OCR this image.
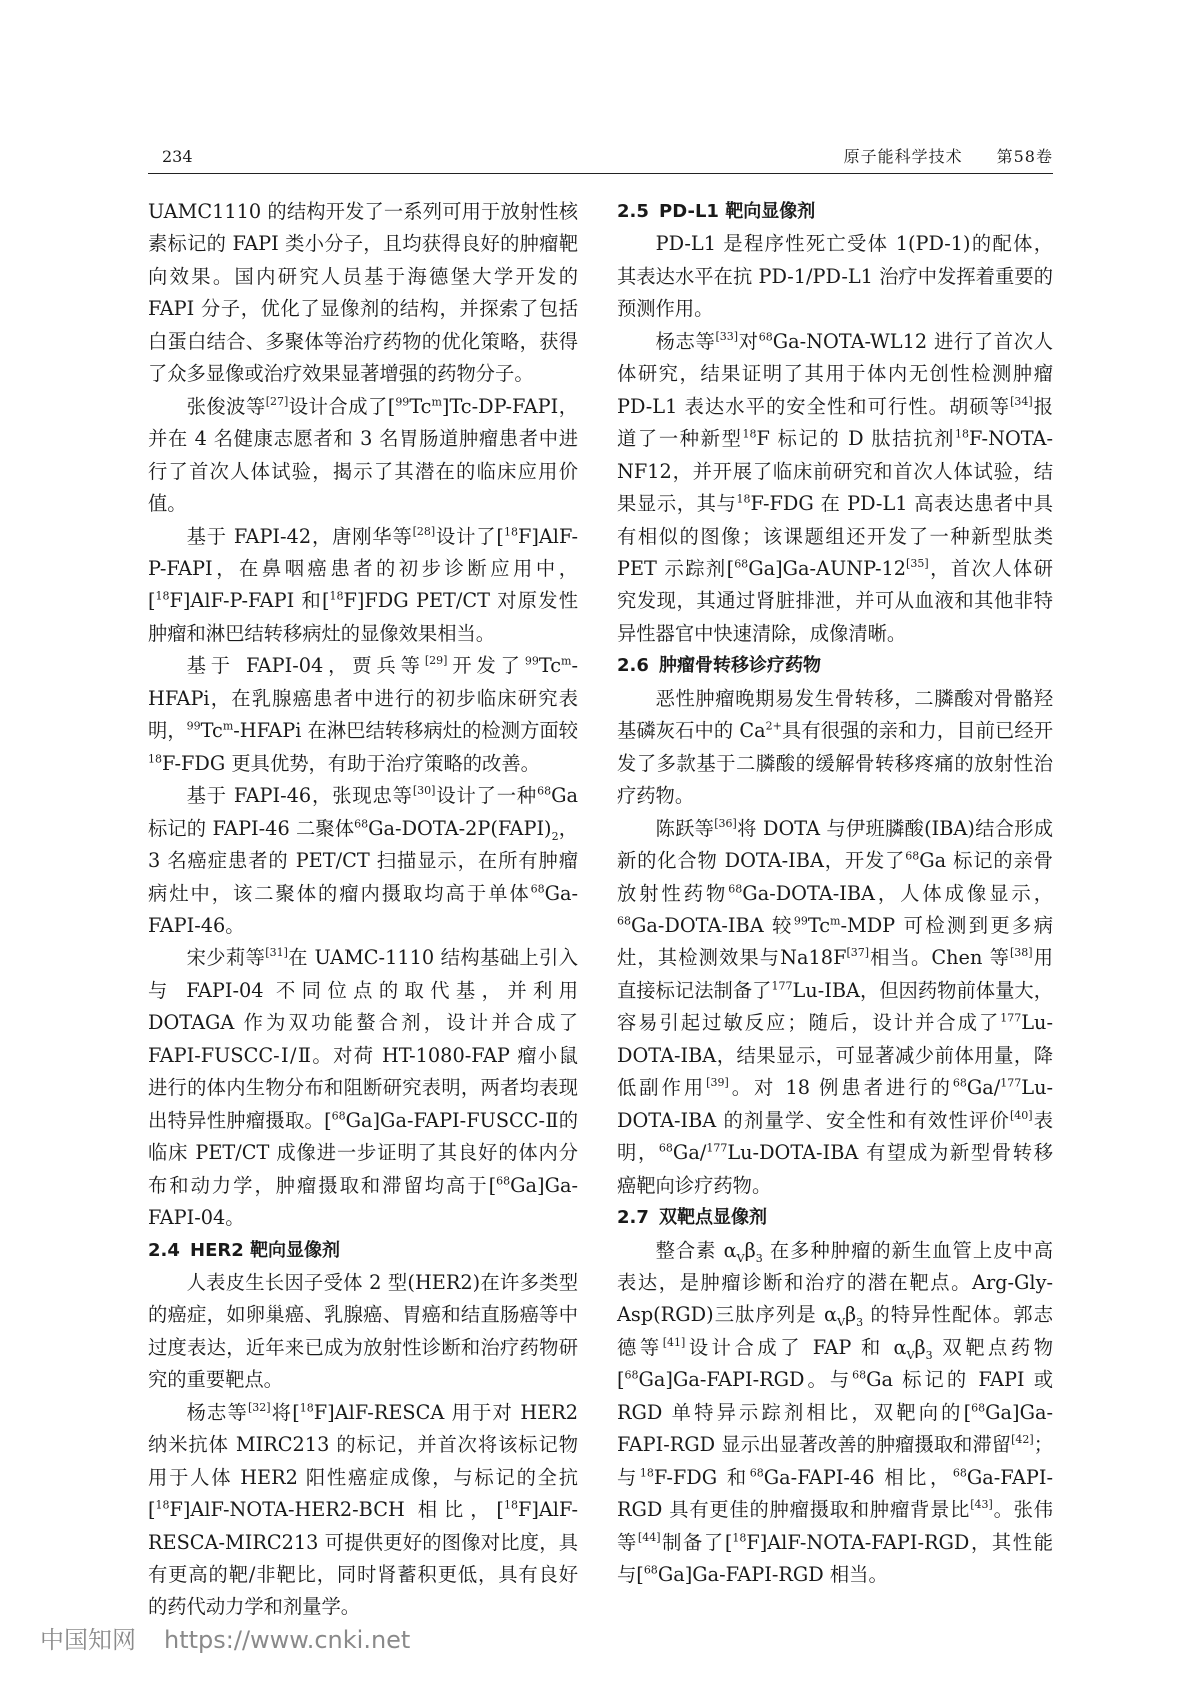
234	原子能科学技术 第58卷

UAMC1110 的结构开发了一系列可用于放射性核素标记的 FAPI 类小分子，且均获得良好的肿瘤靶向效果。国内研究人员基于海德堡大学开发的 FAPI 分子，优化了显像剂的结构，并探索了包括白蛋白结合、多聚体等治疗药物的优化策略，获得了众多显像或治疗效果显著增强的药物分子。

张俊波等[27]设计合成了[$^{99}$Tc$^m$]Tc-DP-FAPI，并在 4 名健康志愿者和 3 名胃肠道肿瘤患者中进行了首次人体试验，揭示了其潜在的临床应用价值。

基于 FAPI-42，唐刚华等[28]设计了[$^{18}$F]AlF-P-FAPI，在鼻咽癌患者的初步诊断应用中，[$^{18}$F]AlF-P-FAPI 和[$^{18}$F]FDG PET/CT 对原发性肿瘤和淋巴结转移病灶的显像效果相当。

基于 FAPI-04，贾兵等[29]开发了$^{99}$Tc$^m$-HFAPi，在乳腺癌患者中进行的初步临床研究表明，$^{99}$Tc$^m$-HFAPi 在淋巴结转移病灶的检测方面较$^{18}$F-FDG 更具优势，有助于治疗策略的改善。

基于 FAPI-46，张现忠等[30]设计了一种$^{68}$Ga 标记的 FAPI-46 二聚体$^{68}Ga-DOTA-2P(FAPI)_2$，3 名癌症患者的 PET/CT 扫描显示，在所有肿瘤病灶中，该二聚体的瘤内摄取均高于单体$^{68}$Ga-FAPI-46。

宋少莉等[31]在 UAMC-1110 结构基础上引入与 FAPI-04 不同位点的取代基，并利用 DOTAGA 作为双功能螯合剂，设计并合成了 FAPI-FUSCC-Ⅰ/Ⅱ。对荷 HT-1080-FAP 瘤小鼠进行的体内生物分布和阻断研究表明，两者均表现出特异性肿瘤摄取。[$^{68}$Ga]Ga-FAPI-FUSCC-Ⅱ的临床 PET/CT 成像进一步证明了其良好的体内分布和动力学，肿瘤摄取和滞留均高于[$^{68}$Ga]Ga-FAPI-04。

2.4 HER2 靶向显像剂

人表皮生长因子受体 2 型(HER2)在许多类型的癌症，如卵巢癌、乳腺癌、胃癌和结直肠癌等中过度表达，近年来已成为放射性诊断和治疗药物研究的重要靶点。

杨志等[32]将[$^{18}$F]AlF-RESCA 用于对 HER2 纳米抗体 MIRC213 的标记，并首次将该标记物用于人体 HER2 阳性癌症成像，与标记的全抗[$^{18}$F]AlF-NOTA-HER2-BCH 相比，[$^{18}$F]AlF-RESCA-MIRC213 可提供更好的图像对比度，具有更高的靶/非靶比，同时肾蓄积更低，具有良好的药代动力学和剂量学。

2.5 PD-L1 靶向显像剂

PD-L1 是程序性死亡受体 1(PD-1)的配体，其表达水平在抗 PD-1/PD-L1 治疗中发挥着重要的预测作用。

杨志等[33]对$^{68}$Ga-NOTA-WL12 进行了首次人体研究，结果证明了其用于体内无创性检测肿瘤 PD-L1 表达水平的安全性和可行性。胡硕等[34]报道了一种新型$^{18}$F 标记的 D 肽拮抗剂$^{18}$F-NOTA-NF12，并开展了临床前研究和首次人体试验，结果显示，其与$^{18}$F-FDG 在 PD-L1 高表达患者中具有相似的图像；该课题组还开发了一种新型肽类 PET 示踪剂[$^{68}$Ga]Ga-AUNP-12[35]，首次人体研究发现，其通过肾脏排泄，并可从血液和其他非特异性器官中快速清除，成像清晰。

2.6 肿瘤骨转移诊疗药物

恶性肿瘤晚期易发生骨转移，二膦酸对骨骼羟基磷灰石中的 $Ca^{2+}$具有很强的亲和力，目前已经开发了多款基于二膦酸的缓解骨转移疼痛的放射性治疗药物。

陈跃等[36]将 DOTA 与伊班膦酸(IBA)结合形成新的化合物 DOTA-IBA，开发了$^{68}$Ga 标记的亲骨放射性药物$^{68}$Ga-DOTA-IBA，人体成像显示，$^{68}$Ga-DOTA-IBA 较$^{99}$Tc$^m$-MDP 可检测到更多病灶，其检测效果与Na18F[37]相当。Chen 等[38]用直接标记法制备了$^{177}$Lu-IBA，但因药物前体量大，容易引起过敏反应；随后，设计并合成了$^{177}$Lu-DOTA-IBA，结果显示，可显著减少前体用量，降低副作用[39]。对 18 例患者进行的$^{68}$Ga/$^{177}$Lu-DOTA-IBA 的剂量学、安全性和有效性评价[40]表明，$^{68}$Ga/$^{177}$Lu-DOTA-IBA 有望成为新型骨转移癌靶向诊疗药物。

2.7 双靶点显像剂

整合素 $\alpha_V\beta_3$ 在多种肿瘤的新生血管上皮中高表达，是肿瘤诊断和治疗的潜在靶点。Arg-Gly-Asp(RGD)三肽序列是 $\alpha_V\beta_3$ 的特异性配体。郭志德等[41]设计合成了 FAP 和 $\alpha_V\beta_3$ 双靶点药物[$^{68}$Ga]Ga-FAPI-RGD。与$^{68}$Ga 标记的 FAPI 或 RGD 单特异示踪剂相比，双靶向的[$^{68}$Ga]Ga-FAPI-RGD 显示出显著改善的肿瘤摄取和滞留[42]；与$^{18}$F-FDG 和$^{68}$Ga-FAPI-46 相比，$^{68}$Ga-FAPI-RGD 具有更佳的肿瘤摄取和肿瘤背景比[43]。张伟等[44]制备了[$^{18}$F]AlF-NOTA-FAPI-RGD，其性能与[$^{68}$Ga]Ga-FAPI-RGD 相当。

中国知网 https://www.cnki.net
